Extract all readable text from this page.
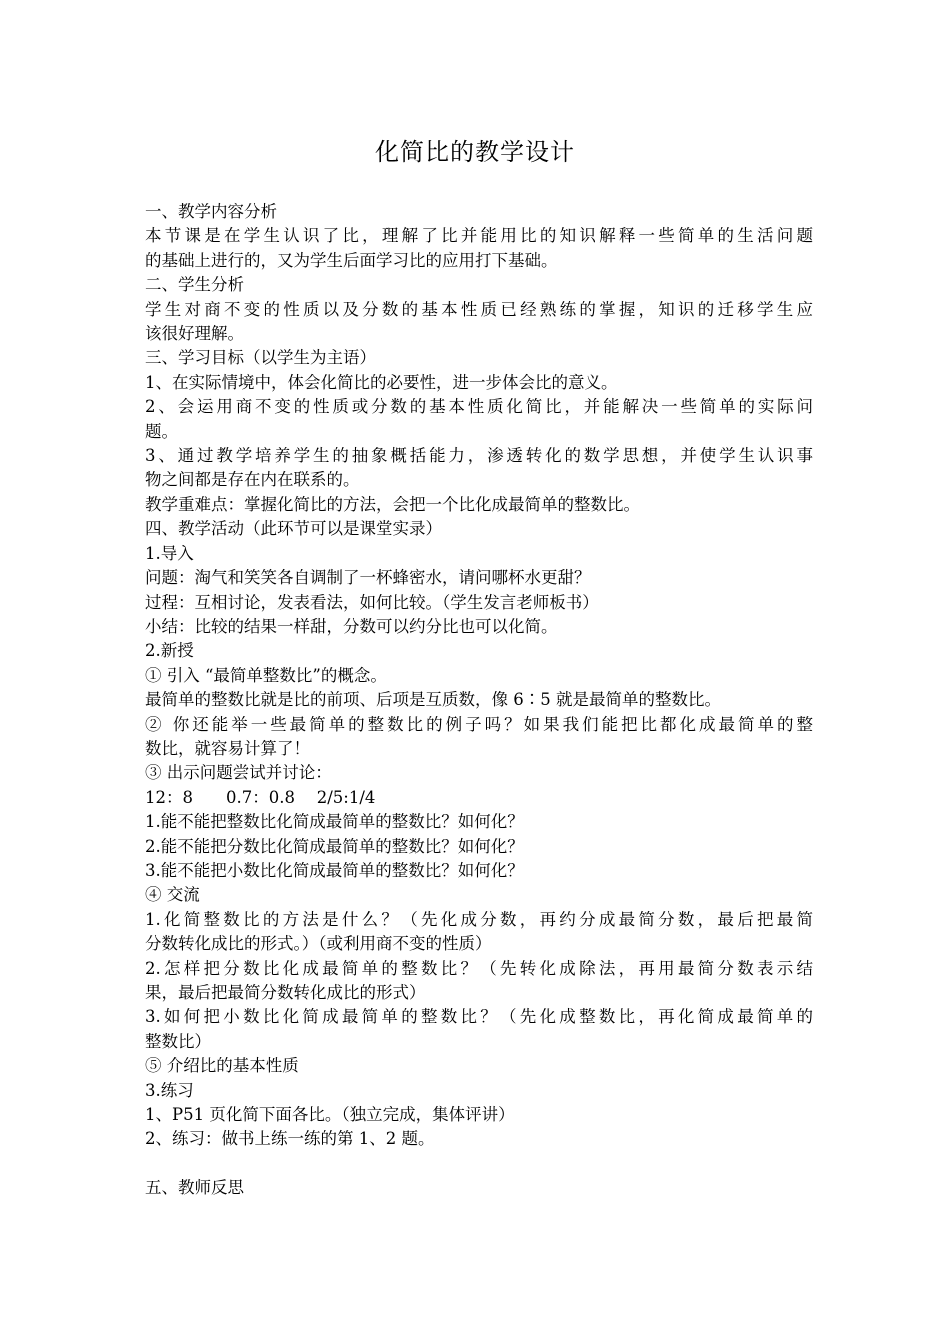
化简比的教学设计
一、教学内容分析
本节课是在学生认识了比，理解了比并能用比的知识解释一些简单的生活问题
的基础上进行的，又为学生后面学习比的应用打下基础。
二、学生分析
学生对商不变的性质以及分数的基本性质已经熟练的掌握，知识的迁移学生应
该很好理解。
三、学习目标（以学生为主语）
1、在实际情境中，体会化简比的必要性，进一步体会比的意义。
2、会运用商不变的性质或分数的基本性质化简比，并能解决一些简单的实际问
题。
3、通过教学培养学生的抽象概括能力，渗透转化的数学思想，并使学生认识事
物之间都是存在内在联系的。
教学重难点：掌握化简比的方法，会把一个比化成最简单的整数比。
四、教学活动（此环节可以是课堂实录）
1.导入
问题：淘气和笑笑各自调制了一杯蜂密水，请问哪杯水更甜？
过程：互相讨论，发表看法，如何比较。（学生发言老师板书）
小结：比较的结果一样甜，分数可以约分比也可以化简。
2.新授
① 引入 “最简单整数比”的概念。
最简单的整数比就是比的前项、后项是互质数，像 6∶5 就是最简单的整数比。
② 你还能举一些最简单的整数比的例子吗？如果我们能把比都化成最简单的整
数比，就容易计算了！
③ 出示问题尝试并讨论：
12：8　　0.7：0.8　 2/5:1/4
1.能不能把整数比化简成最简单的整数比？如何化？
2.能不能把分数比化简成最简单的整数比？如何化？
3.能不能把小数比化简成最简单的整数比？如何化？
④ 交流
1.化简整数比的方法是什么？（先化成分数，再约分成最简分数，最后把最简
分数转化成比的形式。）（或利用商不变的性质）
2.怎样把分数比化成最简单的整数比？（先转化成除法，再用最简分数表示结
果，最后把最简分数转化成比的形式）
3.如何把小数比化简成最简单的整数比？（先化成整数比，再化简成最简单的
整数比）
⑤ 介绍比的基本性质
3.练习
1、P51 页化简下面各比。（独立完成，集体评讲）
2、练习：做书上练一练的第 1、2 题。
五、教师反思
